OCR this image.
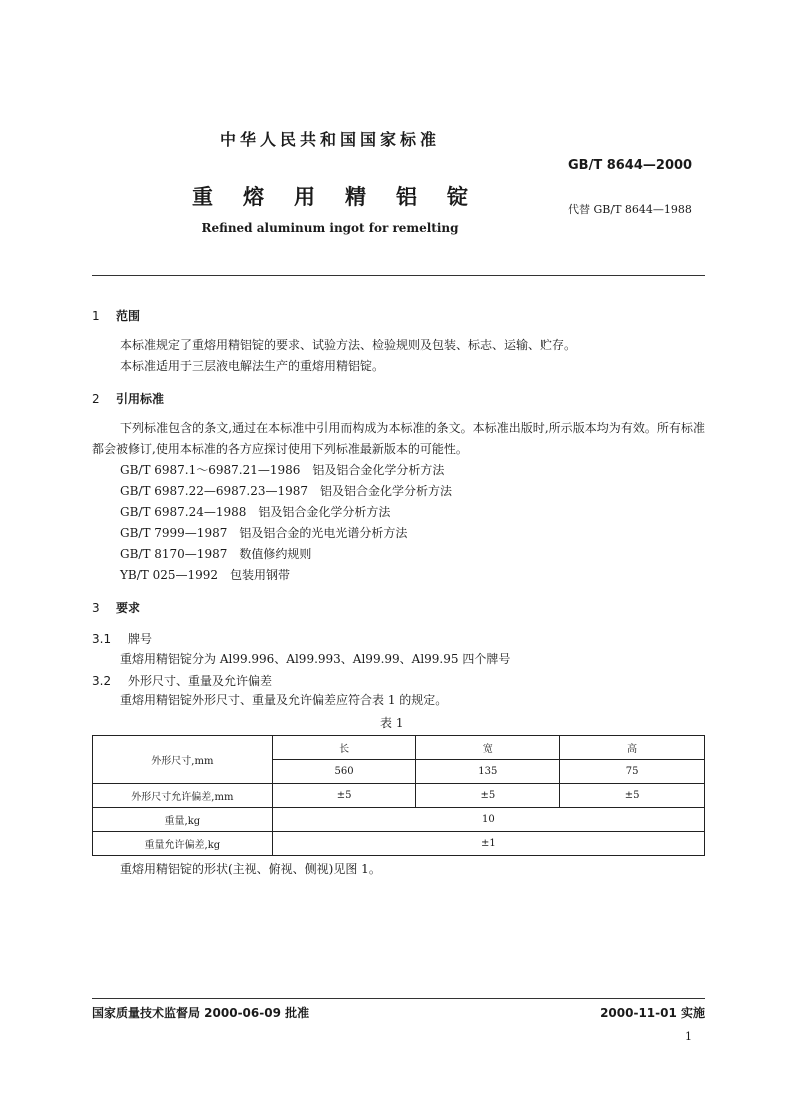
中华人民共和国国家标准
GB/T 8644—2000
重熔用精铝锭
代替 GB/T 8644—1988
Refined aluminum ingot for remelting
1 范围
本标准规定了重熔用精铝锭的要求、试验方法、检验规则及包装、标志、运输、贮存。
本标准适用于三层液电解法生产的重熔用精铝锭。
2 引用标准
下列标准包含的条文,通过在本标准中引用而构成为本标准的条文。本标准出版时,所示版本均为有效。所有标准都会被修订,使用本标准的各方应探讨使用下列标准最新版本的可能性。
GB/T 6987.1～6987.21—1986　铝及铝合金化学分析方法
GB/T 6987.22—6987.23—1987　铝及铝合金化学分析方法
GB/T 6987.24—1988　铝及铝合金化学分析方法
GB/T 7999—1987　铝及铝合金的光电光谱分析方法
GB/T 8170—1987　数值修约规则
YB/T 025—1992　包装用钢带
3 要求
3.1 牌号
重熔用精铝锭分为 Al99.996、Al99.993、Al99.99、Al99.95 四个牌号
3.2 外形尺寸、重量及允许偏差
重熔用精铝锭外形尺寸、重量及允许偏差应符合表 1 的规定。
表 1
外形尺寸,mm	长	宽	高
	560	135	75
外形尺寸允许偏差,mm	±5	±5	±5
重量,kg	10		
重量允许偏差,kg	±1		
重熔用精铝锭的形状(主视、俯视、侧视)见图 1。
国家质量技术监督局 2000-06-09 批准	2000-11-01 实施
1
